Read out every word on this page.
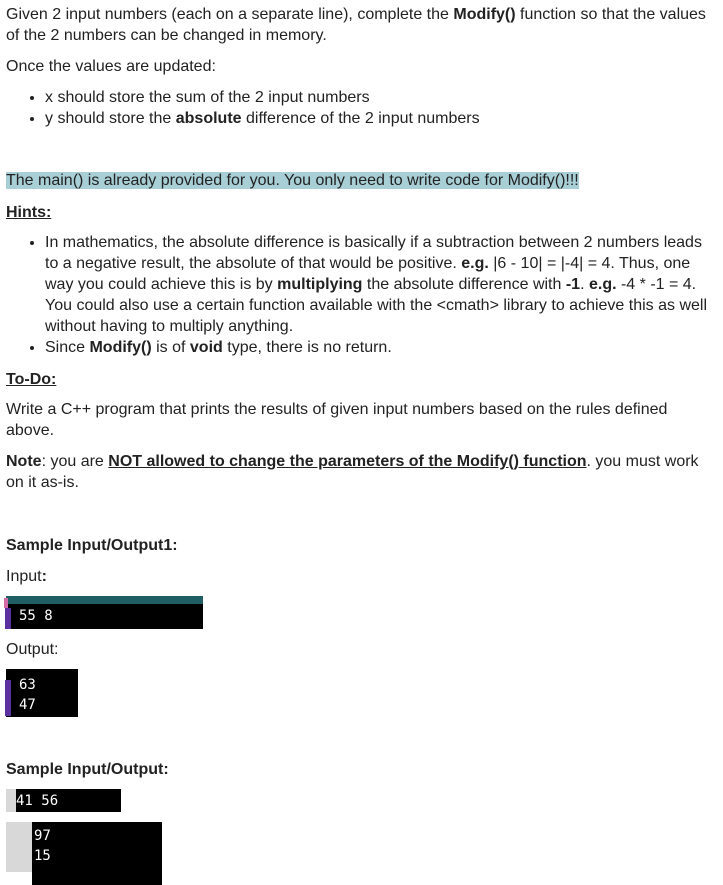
Given 2 input numbers (each on a separate line), complete the Modify() function so that the values of the 2 numbers can be changed in memory.

Once the values are updated:

• x should store the sum of the 2 input numbers
• y should store the absolute difference of the 2 input numbers

The main() is already provided for you. You only need to write code for Modify()!!!

Hints:

• In mathematics, the absolute difference is basically if a subtraction between 2 numbers leads to a negative result, the absolute of that would be positive. e.g. |6 - 10| = |-4| = 4. Thus, one way you could achieve this is by multiplying the absolute difference with -1. e.g. -4 * -1 = 4. You could also use a certain function available with the <cmath> library to achieve this as well without having to multiply anything.
• Since Modify() is of void type, there is no return.

To-Do:

Write a C++ program that prints the results of given input numbers based on the rules defined above.

Note: you are NOT allowed to change the parameters of the Modify() function. you must work on it as-is.

Sample Input/Output1:

Input:

55 8

Output:

63
47

Sample Input/Output:

41 56
97
15
